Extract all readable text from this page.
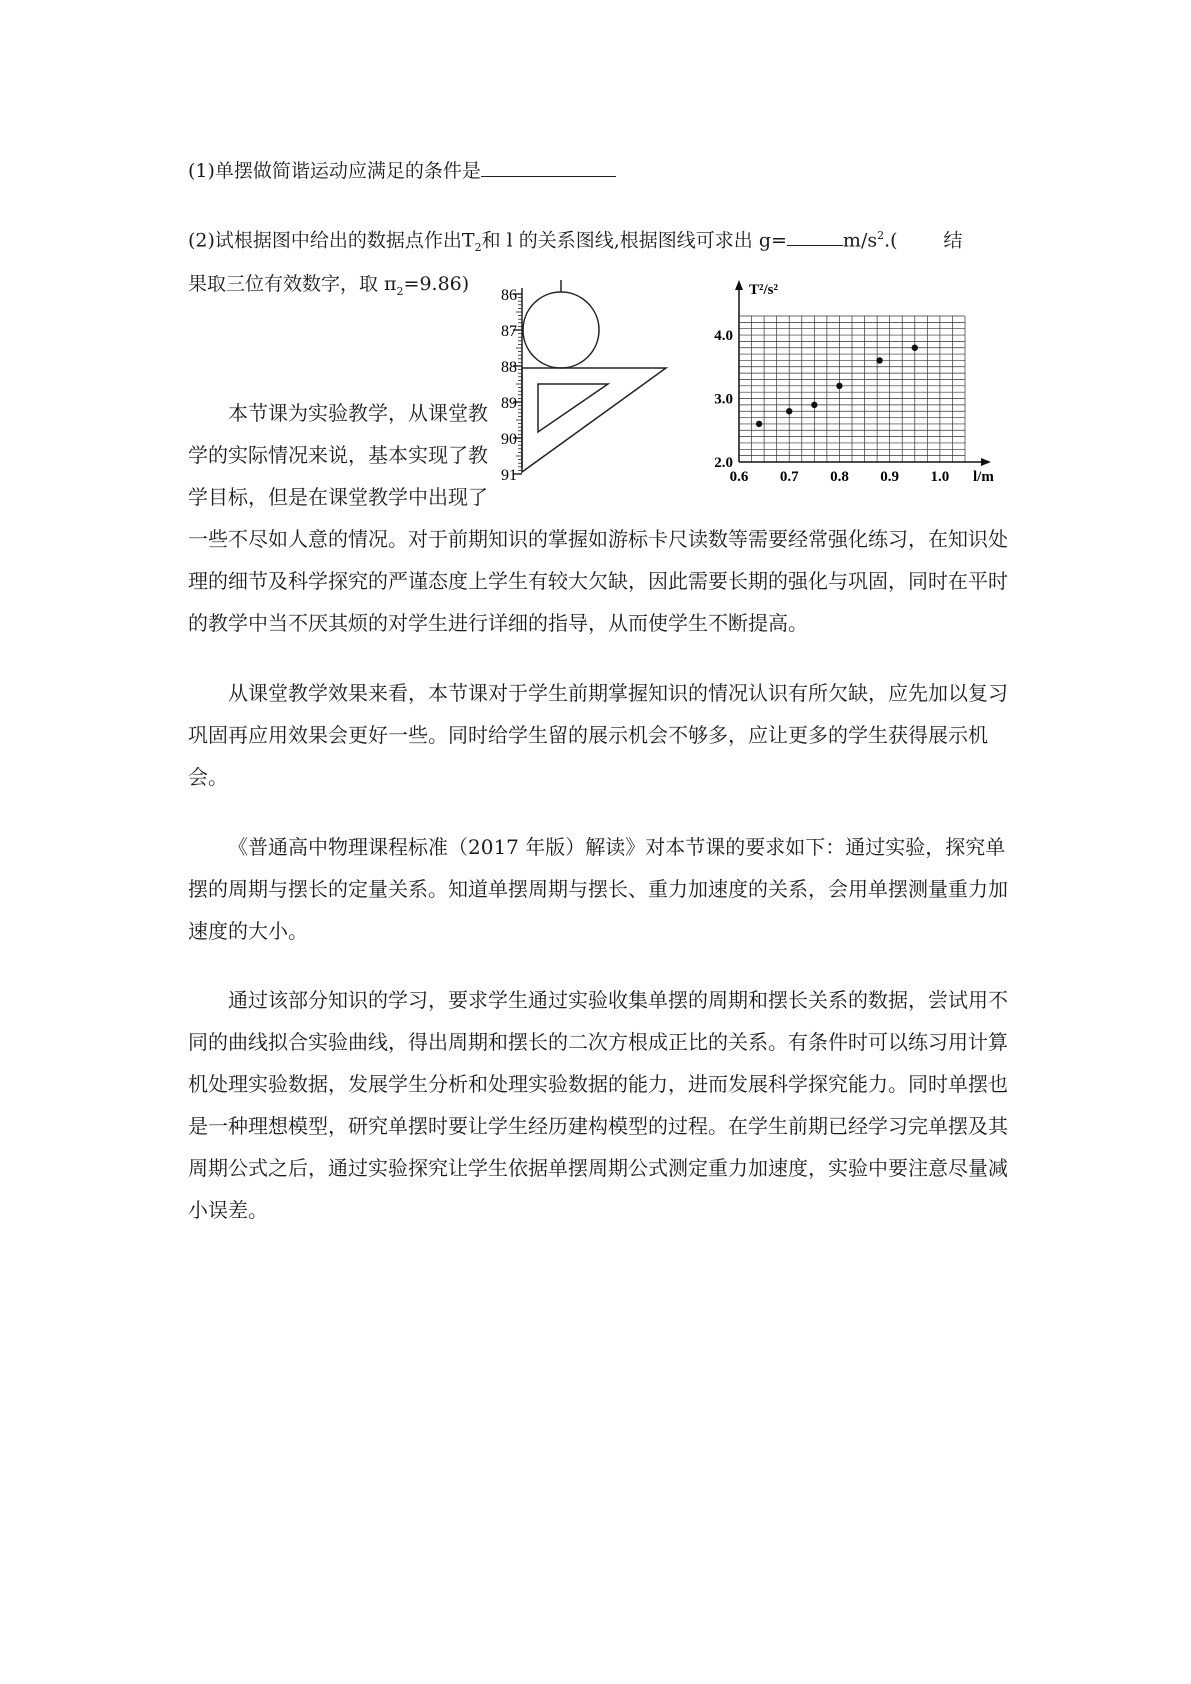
(1)单摆做简谐运动应满足的条件是
(2)试根据图中给出的数据点作出$T_2$和 l 的关系图线,根据图线可求出 g=	$m/s^2$.( 结
果取三位有效数字，取 $\pi_2=9.86$)
86
87
88
89
90
91	0.6 0.7 0.8 0.9 1.0
2.0
3.0
4.0
T²/s²
l/m
本节课为实验教学，从课堂教
学的实际情况来说，基本实现了教
学目标，但是在课堂教学中出现了

一些不尽如人意的情况。对于前期知识的掌握如游标卡尺读数等需要经常强化练习，在知识处理的细节及科学探究的严谨态度上学生有较大欠缺，因此需要长期的强化与巩固，同时在平时的教学中当不厌其烦的对学生进行详细的指导，从而使学生不断提高。

从课堂教学效果来看，本节课对于学生前期掌握知识的情况认识有所欠缺，应先加以复习巩固再应用效果会更好一些。同时给学生留的展示机会不够多，应让更多的学生获得展示机会。

《普通高中物理课程标准（2017 年版）解读》对本节课的要求如下：通过实验，探究单摆的周期与摆长的定量关系。知道单摆周期与摆长、重力加速度的关系，会用单摆测量重力加速度的大小。

通过该部分知识的学习，要求学生通过实验收集单摆的周期和摆长关系的数据，尝试用不同的曲线拟合实验曲线，得出周期和摆长的二次方根成正比的关系。有条件时可以练习用计算机处理实验数据，发展学生分析和处理实验数据的能力，进而发展科学探究能力。同时单摆也是一种理想模型，研究单摆时要让学生经历建构模型的过程。在学生前期已经学习完单摆及其周期公式之后，通过实验探究让学生依据单摆周期公式测定重力加速度，实验中要注意尽量减小误差。
